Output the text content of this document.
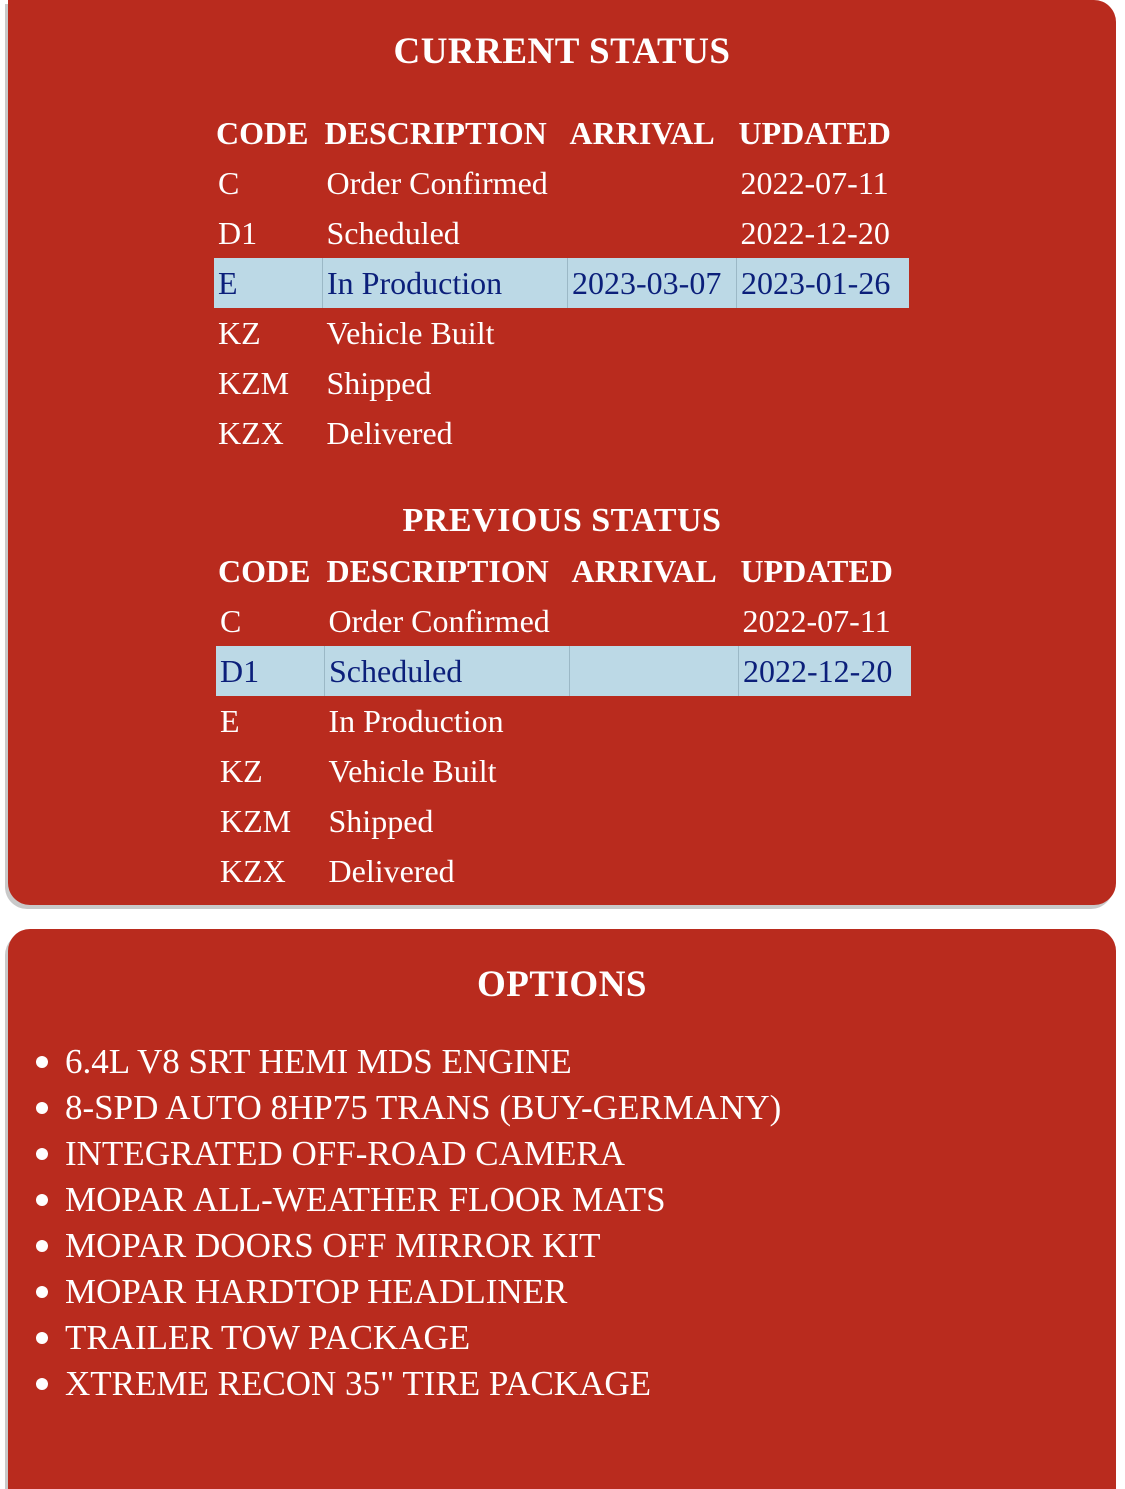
CURRENT STATUS
CODE	DESCRIPTION	ARRIVAL	UPDATED
C	Order Confirmed		2022-07-11
D1	Scheduled		2022-12-20
E	In Production	2023-03-07	2023-01-26
KZ	Vehicle Built		
KZM	Shipped		
KZX	Delivered		
PREVIOUS STATUS
CODE	DESCRIPTION	ARRIVAL	UPDATED
C	Order Confirmed		2022-07-11
D1	Scheduled		2022-12-20
E	In Production		
KZ	Vehicle Built		
KZM	Shipped		
KZX	Delivered		
OPTIONS
6.4L V8 SRT HEMI MDS ENGINE
8-SPD AUTO 8HP75 TRANS (BUY-GERMANY)
INTEGRATED OFF-ROAD CAMERA
MOPAR ALL-WEATHER FLOOR MATS
MOPAR DOORS OFF MIRROR KIT
MOPAR HARDTOP HEADLINER
TRAILER TOW PACKAGE
XTREME RECON 35" TIRE PACKAGE
